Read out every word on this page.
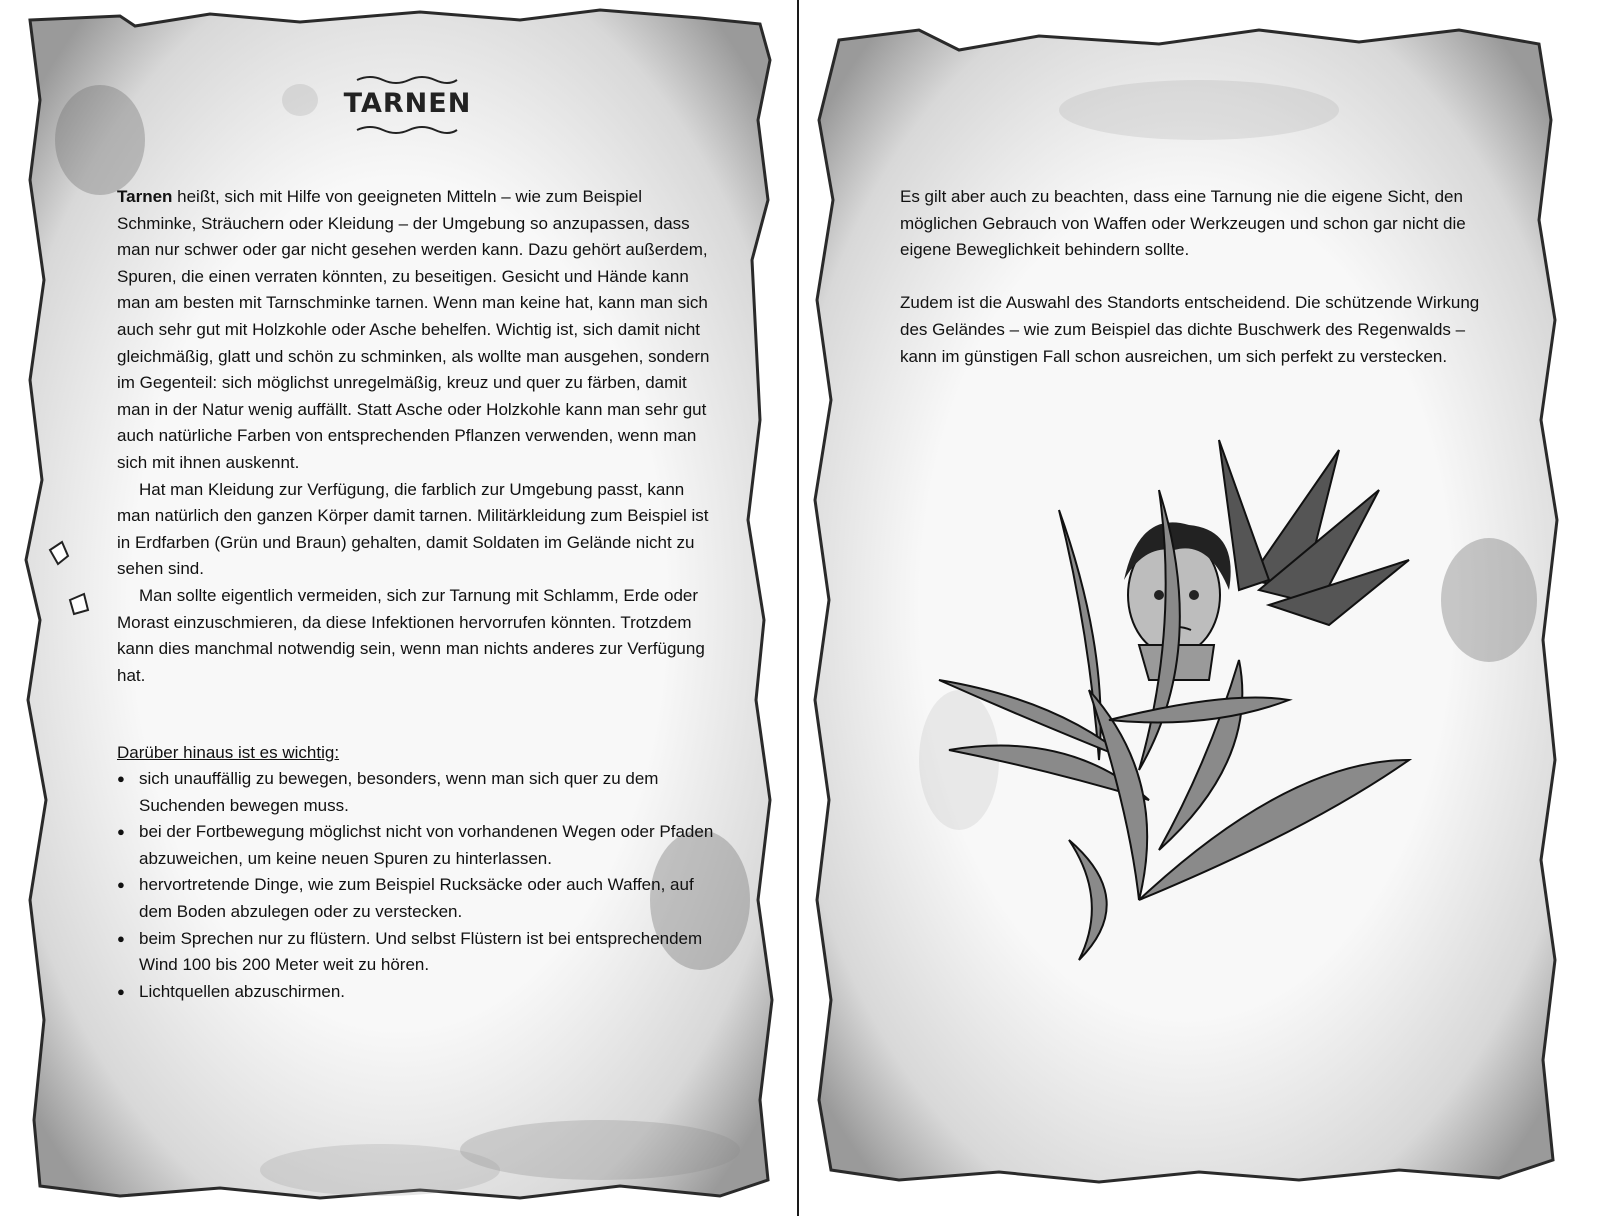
TARNEN

Tarnen heißt, sich mit Hilfe von geeigneten Mitteln – wie zum Beispiel Schminke, Sträuchern oder Kleidung – der Umgebung so anzupassen, dass man nur schwer oder gar nicht gesehen werden kann. Dazu gehört außerdem, Spuren, die einen verraten könnten, zu beseitigen. Gesicht und Hände kann man am besten mit Tarnschminke tarnen. Wenn man keine hat, kann man sich auch sehr gut mit Holzkohle oder Asche behelfen. Wichtig ist, sich damit nicht gleichmäßig, glatt und schön zu schminken, als wollte man ausgehen, sondern im Gegenteil: sich möglichst unregelmäßig, kreuz und quer zu färben, damit man in der Natur wenig auffällt. Statt Asche oder Holzkohle kann man sehr gut auch natürliche Farben von entsprechenden Pflanzen verwenden, wenn man sich mit ihnen auskennt.

Hat man Kleidung zur Verfügung, die farblich zur Umgebung passt, kann man natürlich den ganzen Körper damit tarnen. Militärkleidung zum Beispiel ist in Erdfarben (Grün und Braun) gehalten, damit Soldaten im Gelände nicht zu sehen sind.

Man sollte eigentlich vermeiden, sich zur Tarnung mit Schlamm, Erde oder Morast einzuschmieren, da diese Infektionen hervorrufen könnten. Trotzdem kann dies manchmal notwendig sein, wenn man nichts anderes zur Verfügung hat.

Darüber hinaus ist es wichtig:
● sich unauffällig zu bewegen, besonders, wenn man sich quer zu dem Suchenden bewegen muss.
● bei der Fortbewegung möglichst nicht von vorhandenen Wegen oder Pfaden abzuweichen, um keine neuen Spuren zu hinterlassen.
● hervortretende Dinge, wie zum Beispiel Rucksäcke oder auch Waffen, auf dem Boden abzulegen oder zu verstecken.
● beim Sprechen nur zu flüstern. Und selbst Flüstern ist bei entsprechendem Wind 100 bis 200 Meter weit zu hören.
● Lichtquellen abzuschirmen.

Es gilt aber auch zu beachten, dass eine Tarnung nie die eigene Sicht, den möglichen Gebrauch von Waffen oder Werkzeugen und schon gar nicht die eigene Beweglichkeit behindern sollte.

Zudem ist die Auswahl des Standorts entscheidend. Die schützende Wirkung des Geländes – wie zum Beispiel das dichte Buschwerk des Regenwalds – kann im günstigen Fall schon ausreichen, um sich perfekt zu verstecken.
